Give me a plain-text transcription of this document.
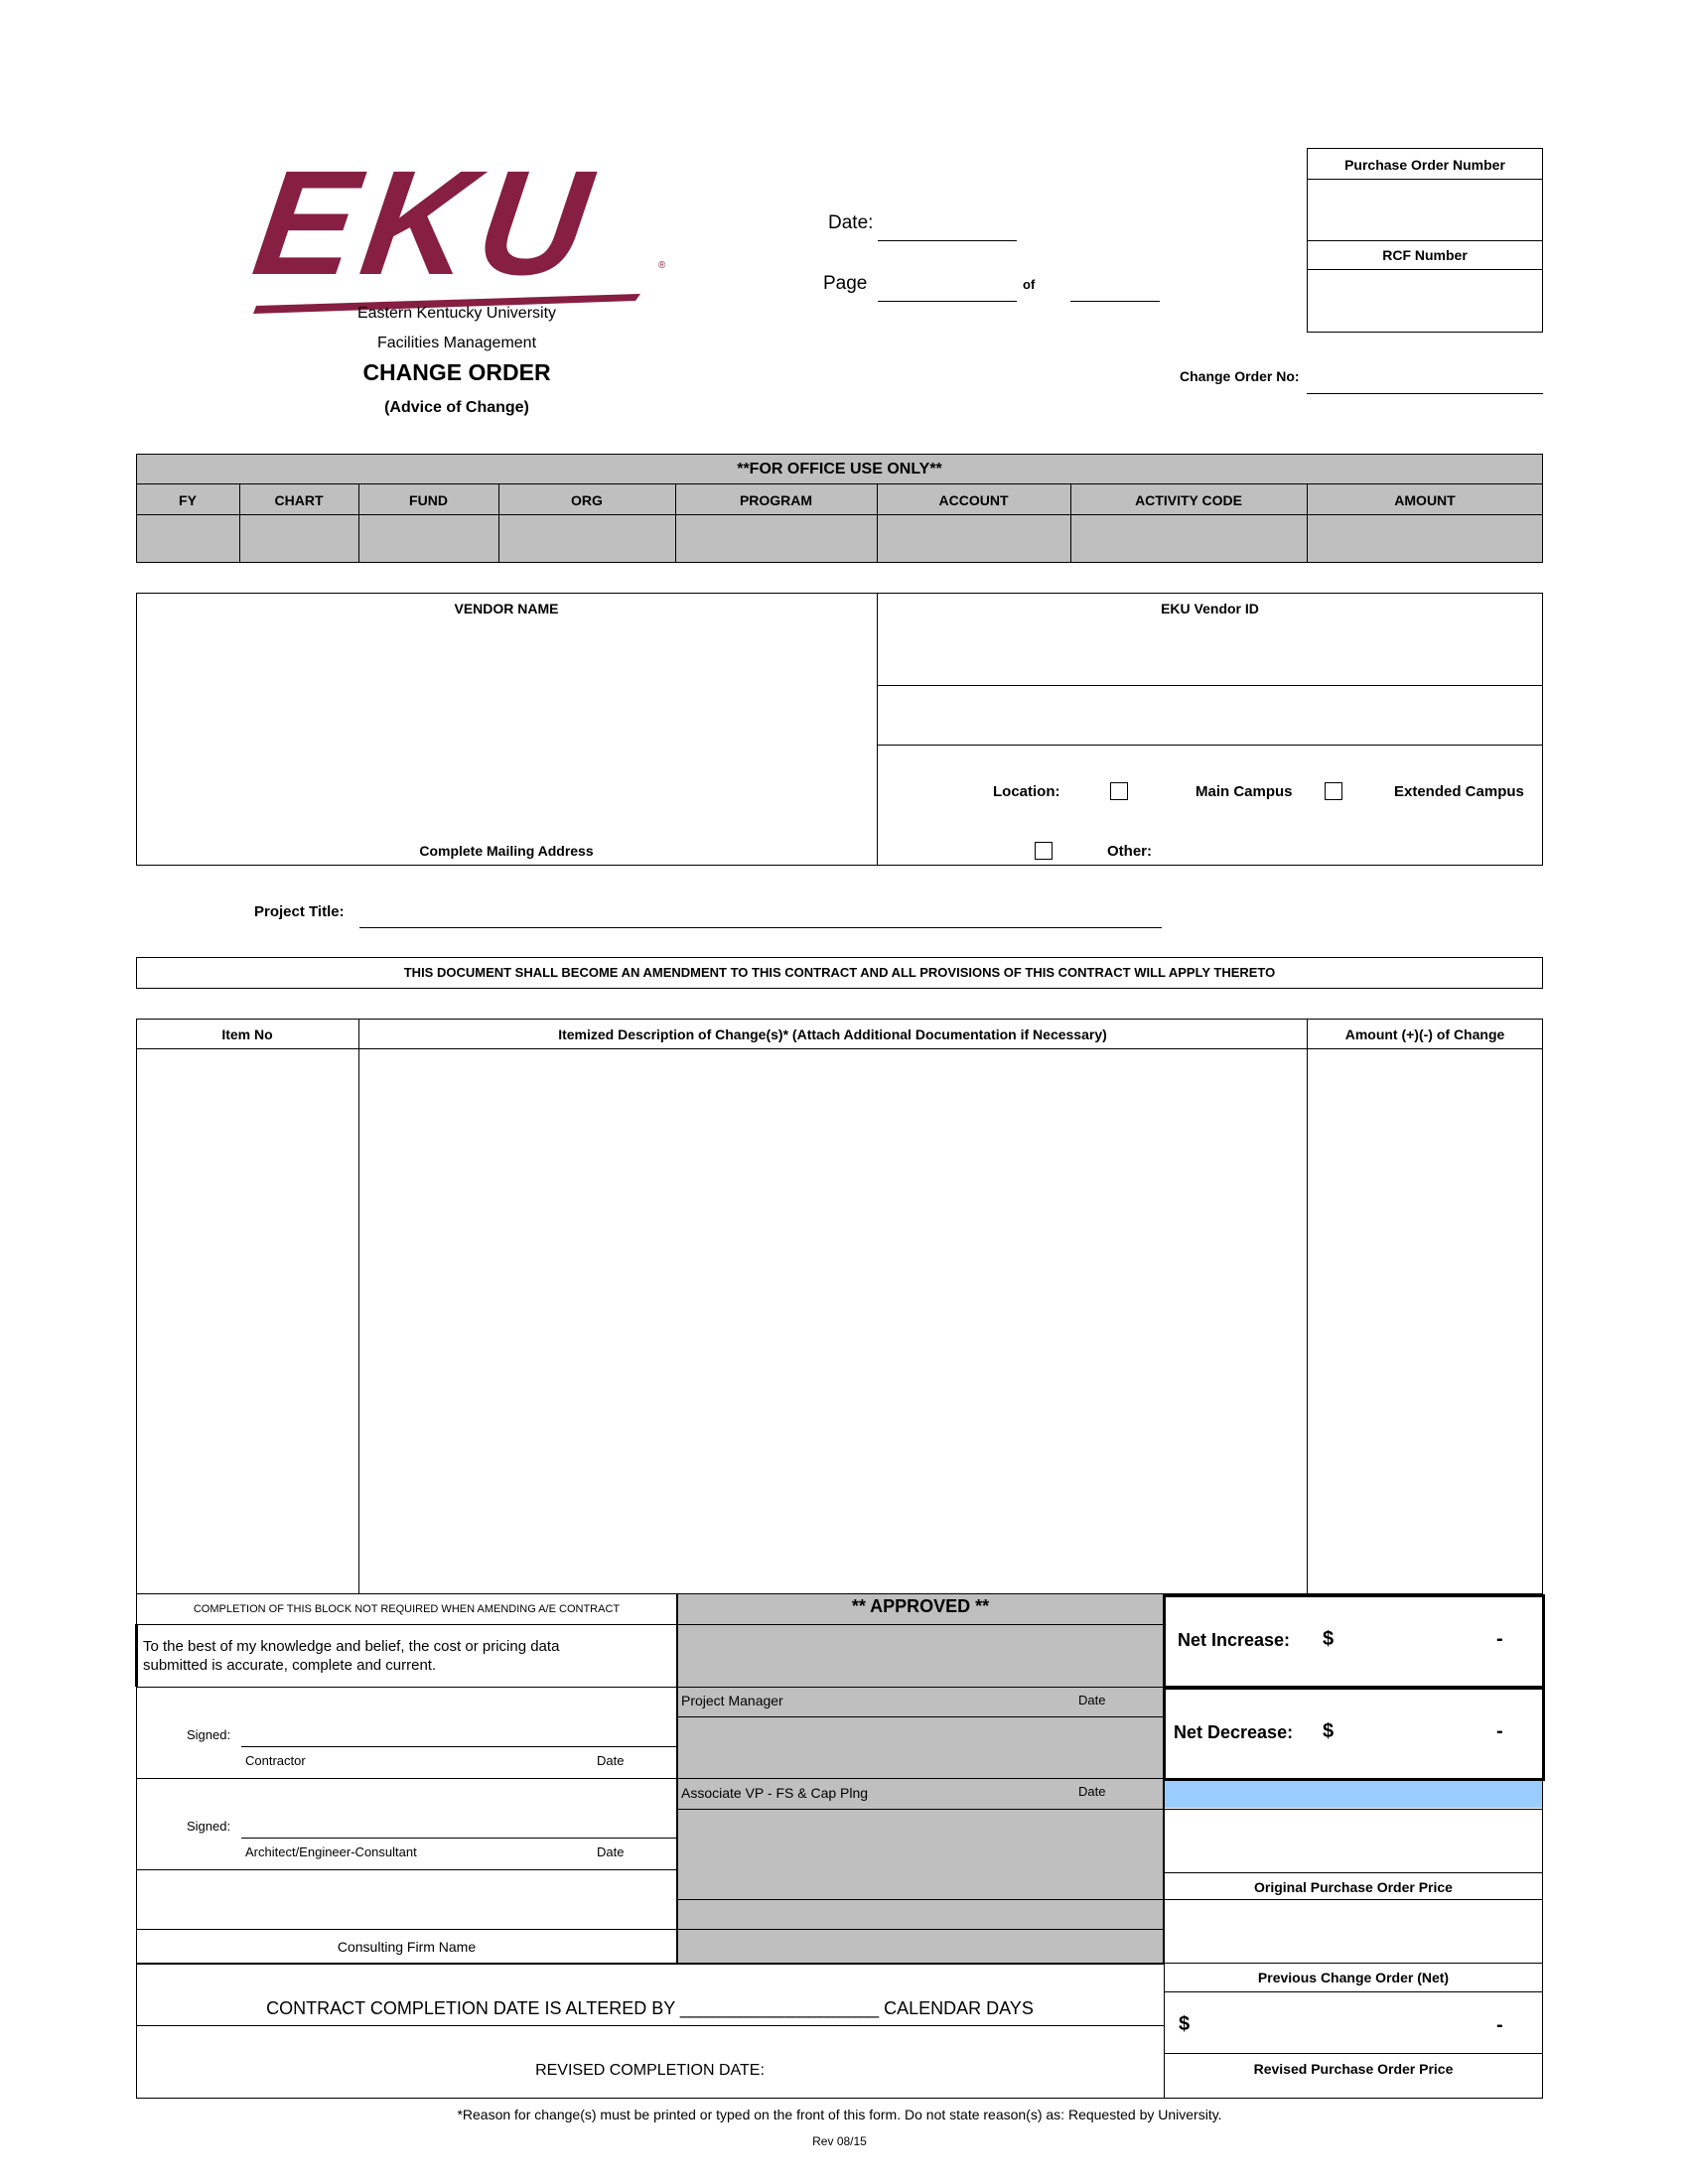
EKU	®
Eastern Kentucky University
Facilities Management
CHANGE ORDER
(Advice of Change)
Date:
Page	of
Purchase Order Number
RCF Number
Change Order No:
**FOR OFFICE USE ONLY**
FY	CHART	FUND	ORG	PROGRAM	ACCOUNT	ACTIVITY CODE	AMOUNT
VENDOR NAME
Complete Mailing Address
EKU Vendor ID
Location:	Main Campus	Extended Campus
Other:
Project Title:
THIS DOCUMENT SHALL BECOME AN AMENDMENT TO THIS CONTRACT AND ALL PROVISIONS OF THIS CONTRACT WILL APPLY THERETO
Item No	Itemized Description of Change(s)* (Attach Additional Documentation if Necessary)	Amount (+)(-) of Change
COMPLETION OF THIS BLOCK NOT REQUIRED WHEN AMENDING A/E CONTRACT
To the best of my knowledge and belief, the cost or pricing data
submitted is accurate, complete and current.
Signed:
Contractor	Date
Signed:
Architect/Engineer-Consultant	Date
Consulting Firm Name
** APPROVED **
Project Manager	Date
Associate VP - FS & Cap Plng	Date
Net Increase: $	-
Net Decrease: $	-
Original Purchase Order Price
Previous Change Order (Net)
$	-
Revised Purchase Order Price
CONTRACT COMPLETION DATE IS ALTERED BY ____________________ CALENDAR DAYS
REVISED COMPLETION DATE:
*Reason for change(s) must be printed or typed on the front of this form. Do not state reason(s) as: Requested by University.
Rev 08/15
